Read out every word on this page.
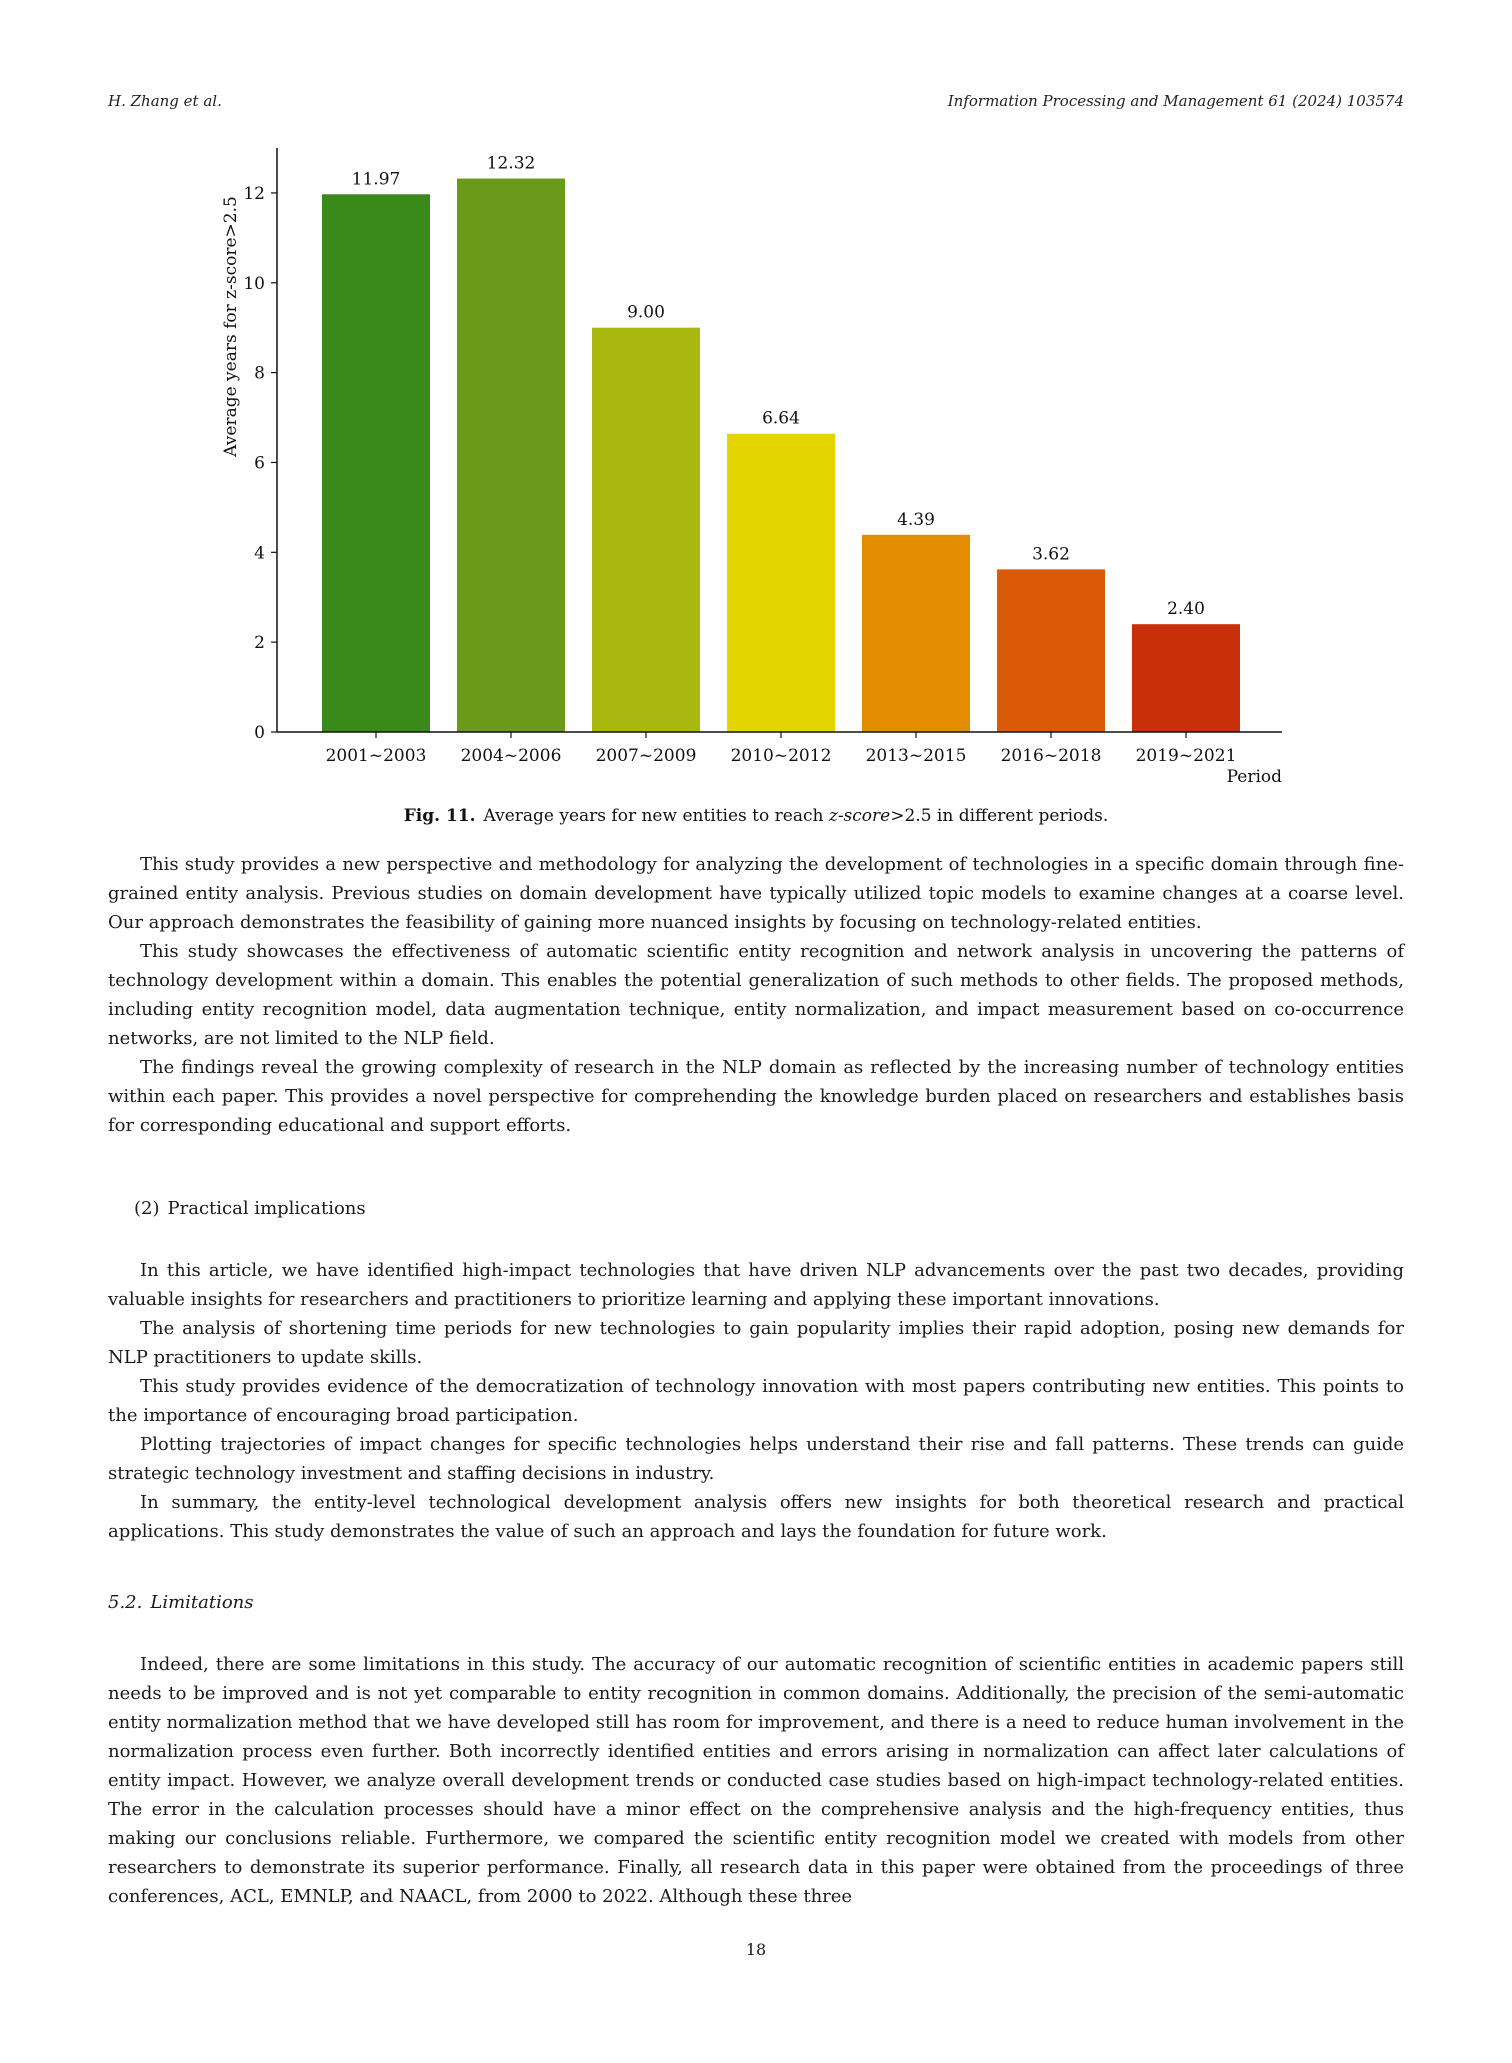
H. Zhang et al.	Information Processing and Management 61 (2024) 103574
0
2
4
6
8
10
12
11.97
12.32
9.00
6.64
4.39
3.62
2.40
2001~2003 2004~2006 2007~2009 2010~2012 2013~2015 2016~2018 2019~2021
Average years for z-score>2.5
Period
Fig. 11. Average years for new entities to reach z-score>2.5 in different periods.

This study provides a new perspective and methodology for analyzing the development of technologies in a specific domain through fine-grained entity analysis. Previous studies on domain development have typically utilized topic models to examine changes at a coarse level. Our approach demonstrates the feasibility of gaining more nuanced insights by focusing on technology-related entities.

This study showcases the effectiveness of automatic scientific entity recognition and network analysis in uncovering the patterns of technology development within a domain. This enables the potential generalization of such methods to other fields. The proposed methods, including entity recognition model, data augmentation technique, entity normalization, and impact measurement based on co-occurrence networks, are not limited to the NLP field.

The findings reveal the growing complexity of research in the NLP domain as reflected by the increasing number of technology entities within each paper. This provides a novel perspective for comprehending the knowledge burden placed on researchers and establishes basis for corresponding educational and support efforts.

(2) Practical implications

In this article, we have identified high-impact technologies that have driven NLP advancements over the past two decades, providing valuable insights for researchers and practitioners to prioritize learning and applying these important innovations.

The analysis of shortening time periods for new technologies to gain popularity implies their rapid adoption, posing new demands for NLP practitioners to update skills.

This study provides evidence of the democratization of technology innovation with most papers contributing new entities. This points to the importance of encouraging broad participation.

Plotting trajectories of impact changes for specific technologies helps understand their rise and fall patterns. These trends can guide strategic technology investment and staffing decisions in industry.

In summary, the entity-level technological development analysis offers new insights for both theoretical research and practical applications. This study demonstrates the value of such an approach and lays the foundation for future work.

5.2. Limitations

Indeed, there are some limitations in this study. The accuracy of our automatic recognition of scientific entities in academic papers still needs to be improved and is not yet comparable to entity recognition in common domains. Additionally, the precision of the semi-automatic entity normalization method that we have developed still has room for improvement, and there is a need to reduce human involvement in the normalization process even further. Both incorrectly identified entities and errors arising in normalization can affect later calculations of entity impact. However, we analyze overall development trends or conducted case studies based on high-impact technology-related entities. The error in the calculation processes should have a minor effect on the comprehensive analysis and the high-frequency entities, thus making our conclusions reliable. Furthermore, we compared the scientific entity recognition model we created with models from other researchers to demonstrate its superior performance. Finally, all research data in this paper were obtained from the proceedings of three conferences, ACL, EMNLP, and NAACL, from 2000 to 2022. Although these three

18
